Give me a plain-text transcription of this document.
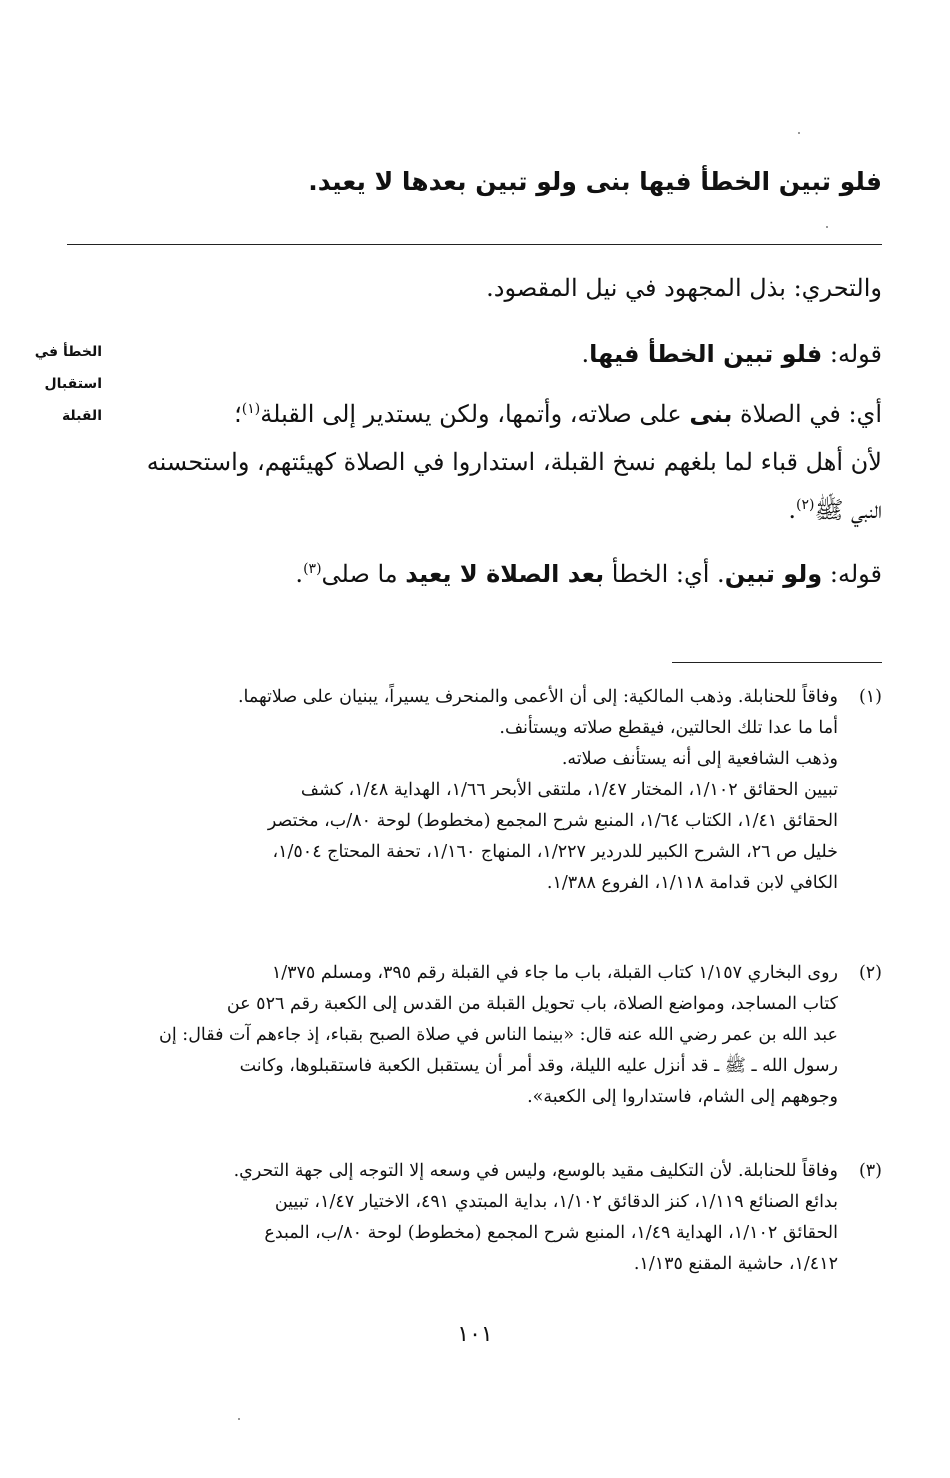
فلو تبين الخطأ فيها بنى ولو تبين بعدها لا يعيد.
والتحري: بذل المجهود في نيل المقصود.
قوله: فلو تبين الخطأ فيها.
أي: في الصلاة بنى على صلاته، وأتمها، ولكن يستدير إلى القبلة$^{(١)}$؛
لأن أهل قباء لما بلغهم نسخ القبلة، استداروا في الصلاة كهيئتهم، واستحسنه
النبي ﷺ$^{(٢)}$.
قوله: ولو تبين. أي: الخطأ بعد الصلاة لا يعيد ما صلى$^{(٣)}$.
الخطأ في
استقبال
القبلة
(١)
وفاقاً للحنابلة. وذهب المالكية: إلى أن الأعمى والمنحرف يسيراً، يبنيان على صلاتهما.
أما ما عدا تلك الحالتين، فيقطع صلاته ويستأنف.
وذهب الشافعية إلى أنه يستأنف صلاته.
تبيين الحقائق ١/١٠٢، المختار ١/٤٧، ملتقى الأبحر ١/٦٦، الهداية ١/٤٨، كشف
الحقائق ١/٤١، الكتاب ١/٦٤، المنبع شرح المجمع (مخطوط) لوحة ٨٠/ب، مختصر
خليل ص ٢٦، الشرح الكبير للدردير ١/٢٢٧، المنهاج ١/١٦٠، تحفة المحتاج ١/٥٠٤،
الكافي لابن قدامة ١/١١٨، الفروع ١/٣٨٨.
(٢)
روى البخاري ١/١٥٧ كتاب القبلة، باب ما جاء في القبلة رقم ٣٩٥، ومسلم ١/٣٧٥
كتاب المساجد، ومواضع الصلاة، باب تحويل القبلة من القدس إلى الكعبة رقم ٥٢٦ عن
عبد الله بن عمر رضي الله عنه قال: «بينما الناس في صلاة الصبح بقباء، إذ جاءهم آت فقال: إن
رسول الله ـ ﷺ ـ قد أنزل عليه الليلة، وقد أمر أن يستقبل الكعبة فاستقبلوها، وكانت
وجوههم إلى الشام، فاستداروا إلى الكعبة».
(٣)
وفاقاً للحنابلة. لأن التكليف مقيد بالوسع، وليس في وسعه إلا التوجه إلى جهة التحري.
بدائع الصنائع ١/١١٩، كنز الدقائق ١/١٠٢، بداية المبتدي ٤٩١، الاختيار ١/٤٧، تبيين
الحقائق ١/١٠٢، الهداية ١/٤٩، المنبع شرح المجمع (مخطوط) لوحة ٨٠/ب، المبدع
١/٤١٢، حاشية المقنع ١/١٣٥.
١٠١
